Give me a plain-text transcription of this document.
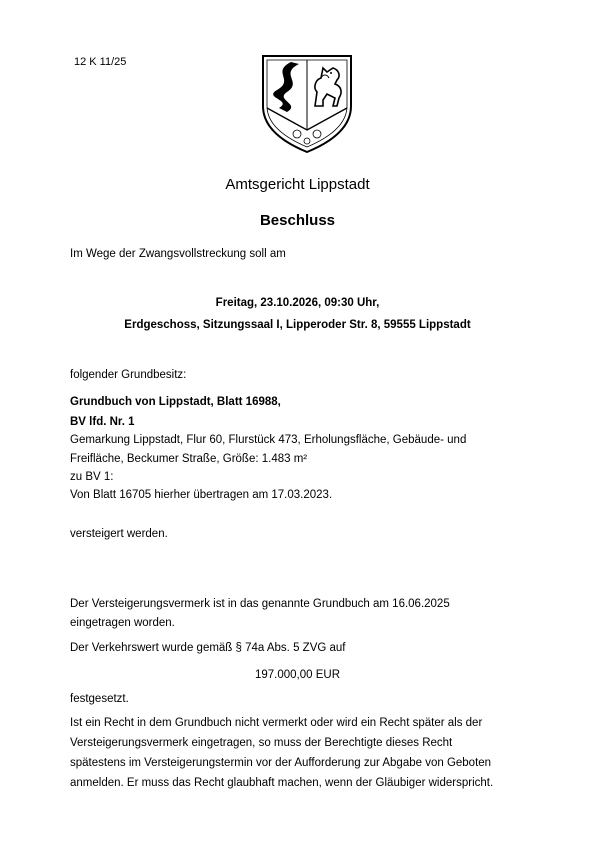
12 K 11/25
Amtsgericht Lippstadt
Beschluss
Im Wege der Zwangsvollstreckung soll am
Freitag, 23.10.2026, 09:30 Uhr,
Erdgeschoss, Sitzungssaal I, Lipperoder Str. 8, 59555 Lippstadt
folgender Grundbesitz:
Grundbuch von Lippstadt, Blatt 16988,
BV lfd. Nr. 1
Gemarkung Lippstadt, Flur 60, Flurstück 473, Erholungsfläche, Gebäude- und
Freifläche, Beckumer Straße, Größe: 1.483 m²
zu BV 1:
Von Blatt 16705 hierher übertragen am 17.03.2023.
versteigert werden.
Der Versteigerungsvermerk ist in das genannte Grundbuch am 16.06.2025
eingetragen worden.
Der Verkehrswert wurde gemäß § 74a Abs. 5 ZVG auf
197.000,00 EUR
festgesetzt.
Ist ein Recht in dem Grundbuch nicht vermerkt oder wird ein Recht später als der
Versteigerungsvermerk eingetragen, so muss der Berechtigte dieses Recht
spätestens im Versteigerungstermin vor der Aufforderung zur Abgabe von Geboten
anmelden. Er muss das Recht glaubhaft machen, wenn der Gläubiger widerspricht.
